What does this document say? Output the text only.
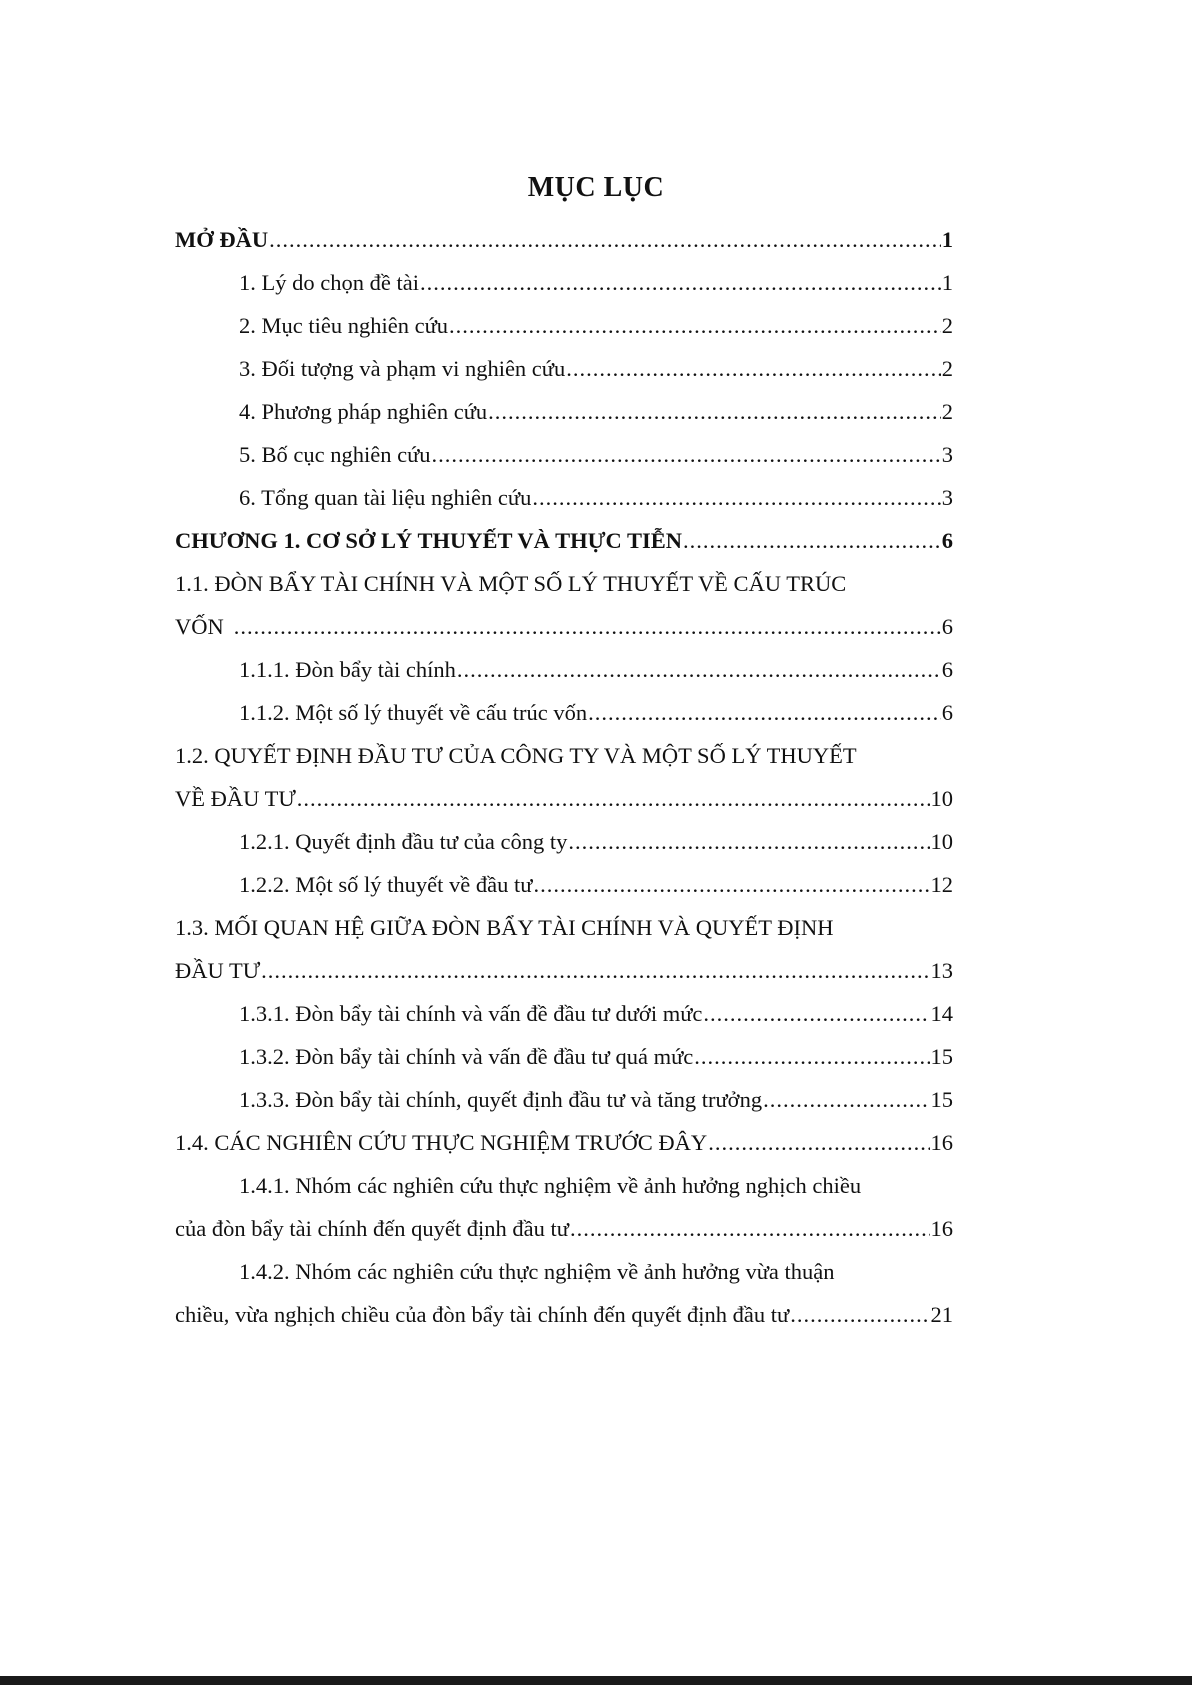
MỤC LỤC
MỞ ĐẦU .....	1
1. Lý do chọn đề tài .....	1
2. Mục tiêu nghiên cứu .....	2
3. Đối tượng và phạm vi nghiên cứu .....	2
4. Phương pháp nghiên cứu .....	2
5. Bố cục nghiên cứu .....	3
6. Tổng quan tài liệu nghiên cứu .....	3
CHƯƠNG 1. CƠ SỞ LÝ THUYẾT VÀ THỰC TIỄN .....	6
1.1. ĐÒN BẨY TÀI CHÍNH VÀ MỘT SỐ LÝ THUYẾT VỀ CẤU TRÚC
VỐN .....	6
1.1.1. Đòn bẩy tài chính .....	6
1.1.2. Một số lý thuyết về cấu trúc vốn .....	6
1.2. QUYẾT ĐỊNH ĐẦU TƯ CỦA CÔNG TY VÀ MỘT SỐ LÝ THUYẾT
VỀ ĐẦU TƯ .....	10
1.2.1. Quyết định đầu tư của công ty .....	10
1.2.2. Một số lý thuyết về đầu tư .....	12
1.3. MỐI QUAN HỆ GIỮA ĐÒN BẨY TÀI CHÍNH VÀ QUYẾT ĐỊNH
ĐẦU TƯ .....	13
1.3.1. Đòn bẩy tài chính và vấn đề đầu tư dưới mức .....	14
1.3.2. Đòn bẩy tài chính và vấn đề đầu tư quá mức .....	15
1.3.3. Đòn bẩy tài chính, quyết định đầu tư và tăng trưởng .....	15
1.4. CÁC NGHIÊN CỨU THỰC NGHIỆM TRƯỚC ĐÂY .....	16
1.4.1. Nhóm các nghiên cứu thực nghiệm về ảnh hưởng nghịch chiều
của đòn bẩy tài chính đến quyết định đầu tư .....	16
1.4.2. Nhóm các nghiên cứu thực nghiệm về ảnh hưởng vừa thuận
chiều, vừa nghịch chiều của đòn bẩy tài chính đến quyết định đầu tư .....	21
